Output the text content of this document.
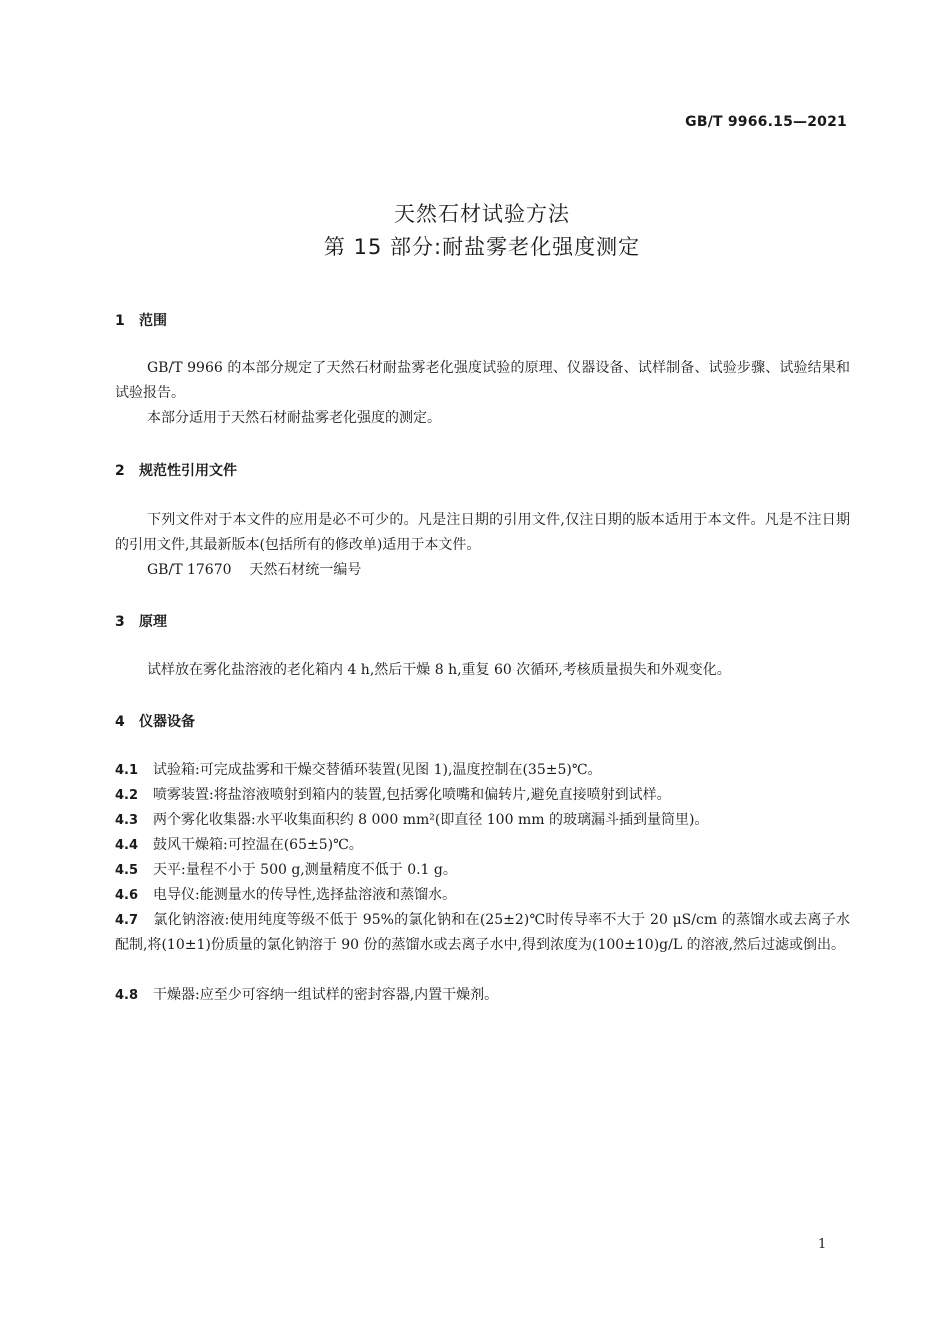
GB/T 9966.15—2021
天然石材试验方法
第 15 部分:耐盐雾老化强度测定
1 范围
GB/T 9966 的本部分规定了天然石材耐盐雾老化强度试验的原理、仪器设备、试样制备、试验步骤、试验结果和试验报告。
本部分适用于天然石材耐盐雾老化强度的测定。
2 规范性引用文件
下列文件对于本文件的应用是必不可少的。凡是注日期的引用文件,仅注日期的版本适用于本文件。凡是不注日期的引用文件,其最新版本(包括所有的修改单)适用于本文件。
GB/T 17670    天然石材统一编号
3 原理
试样放在雾化盐溶液的老化箱内 4 h,然后干燥 8 h,重复 60 次循环,考核质量损失和外观变化。
4 仪器设备
4.1 试验箱:可完成盐雾和干燥交替循环装置(见图 1),温度控制在(35±5)℃。
4.2 喷雾装置:将盐溶液喷射到箱内的装置,包括雾化喷嘴和偏转片,避免直接喷射到试样。
4.3 两个雾化收集器:水平收集面积约 8 000 mm²(即直径 100 mm 的玻璃漏斗插到量筒里)。
4.4 鼓风干燥箱:可控温在(65±5)℃。
4.5 天平:量程不小于 500 g,测量精度不低于 0.1 g。
4.6 电导仪:能测量水的传导性,选择盐溶液和蒸馏水。
4.7 氯化钠溶液:使用纯度等级不低于 95%的氯化钠和在(25±2)℃时传导率不大于 20 μS/cm 的蒸馏水或去离子水配制,将(10±1)份质量的氯化钠溶于 90 份的蒸馏水或去离子水中,得到浓度为(100±10)g/L 的溶液,然后过滤或倒出。
4.8 干燥器:应至少可容纳一组试样的密封容器,内置干燥剂。
1
